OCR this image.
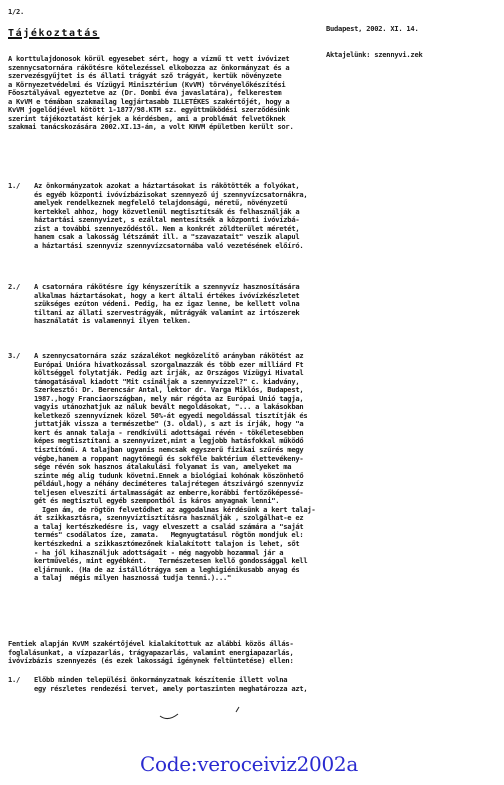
1/2.

Budapest, 2002. XI. 14.

Aktajelünk: szennyvi.zek

Tájékoztatás
A korttulajdonosok körül egyesebet sért, hogy a vízmű tt vett ivóvizet
szennycsatornára rákötésre kötelezéssel elkobozza az önkormányzat és a
szervezésgyűjtet is és állati trágyát sző trágyát, kertük növényzete
a Környezetvédelmi és Vízügyi Minisztérium (KvVM) törvényelőkészítési
Főosztályával egyeztetve az (Dr. Dombi éva javaslatára), felkerestem
a KvVM e témában szakmailag legjártasabb ILLETÉKES szakértőjét, hogy a
KvVM jogelődjével kötött 1-1877/98.KTM sz. együttműködési szerződésünk
szerint tájékoztatást kérjek a kérdésben, ami a problémát felvetőknek
szakmai tanácskozására 2002.XI.13-án, a volt KHVM épületben került sor.

1./

Az önkormányzatok azokat a háztartásokat is rákötötték a folyókat,
és egyéb központi ivóvízbázisokat szennyező új szennyvízcsatornákra,
amelyek rendelkeznek megfelelő telajdonságú, méretű, növényzetű
kertekkel ahhoz, hogy közvetlenül megtisztítsák és felhasználják a
háztartási szennyvizet, s ezáltal mentesítsék a központi ivóvízbá-
zist a további szennyeződéstől. Nem a konkrét zöldterület méretét,
hanem csak a lakosság létszámát ill. a "szavazatait" veszik alapul
a háztartási szennyvíz szennyvízcsatornába való vezetésének előíró.

2./

A csatornára rákötésre így kényszerítik a szennyvíz hasznosítására
alkalmas háztartásokat, hogy a kert általi értékes ivóvízkészletet
szükséges ezúton védeni. Pedig, ha ez igaz lenne, be kellett volna
tiltani az állati szervestrágyák, műtrágyák valamint az irtószerek
használatát is valamennyi ilyen telken.

3./

A szennycsatornára száz százalékot megközelítő arányban rákötést az
Európai Unióra hivatkozással szorgalmazzák és több ezer milliárd Ft
költséggel folytatják. Pedig azt írják, az Országos Vízügyi Hivatal
támogatásával kiadott "Mit csináljak a szennyvízzel?" c. kiadvány,
Szerkesztő: Dr. Berencsár Antal, lektor dr. Varga Miklós, Budapest,
1987.,hogy Franciaországban, mely már régóta az Európai Unió tagja,
vagyis utánozhatjuk az náluk bevált megoldásokat, "... a lakásokban
keletkező szennyvíznek közel 50%-át egyedi megoldással tisztítják és
juttatják vissza a természetbe" (3. oldal), s azt is írják, hogy "a
kert és annak talaja - rendkívüli adottságai révén - tökéletesebben
képes megtisztítani a szennyvizet,mint a legjobb hatásfokkal működő
tisztítómű. A talajban ugyanis nemcsak egyszerű fizikai szűrés megy
végbe,hanem a roppant nagytömegű és sokféle baktérium élettevékeny-
sége révén sok hasznos átalakulási folyamat is van, amelyeket ma
szinte még alig tudunk követni.Ennek a biológiai kohónak köszönhető
például,hogy a néhány deciméteres talajrétegen átszivárgó szennyvíz
teljesen elveszíti ártalmasságát az emberre,korábbi fertőzőképessé-
gét és megtisztul egyéb szempontból is káros anyagnak lenni".
Igen ám, de rögtön felvetődhet az aggodalmas kérdésünk a kert talaj-
át szikkasztásra, szennyvíztisztításra használják , szolgálhat-e ez
a talaj kertészkedésre is, vagy elveszett a család számára a "saját
termés" csodálatos íze, zamata.   Megnyugtatásul rögtön mondjuk el:
kertészkedni a szikkasztómezőnek kialakított talajon is lehet, sőt
- ha jól kihasználjuk adottságait - még nagyobb hozammal jár a
kertművelés, mint egyébként.   Természetesen kellő gondossággal kell
eljárnunk. (Ha de az istállótrágya sem a leghigiénikusabb anyag és
a talaj  mégis milyen hasznossá tudja tenni.)..."

Fentiek alapján KvVM szakértőjével kialakítottuk az alábbi közös állás-
foglalásunkat, a vízpazarlás, trágyapazarlás, valamint energiapazarlás,
ivóvízbázis szennyezés (és ezek lakossági igénynek feltüntetése) ellen:

1./

Előbb minden települési önkormányzatnak készítenie illett volna
egy részletes rendezési tervet, amely portaszinten meghatározza azt,

Code:veroceiviz2002a
